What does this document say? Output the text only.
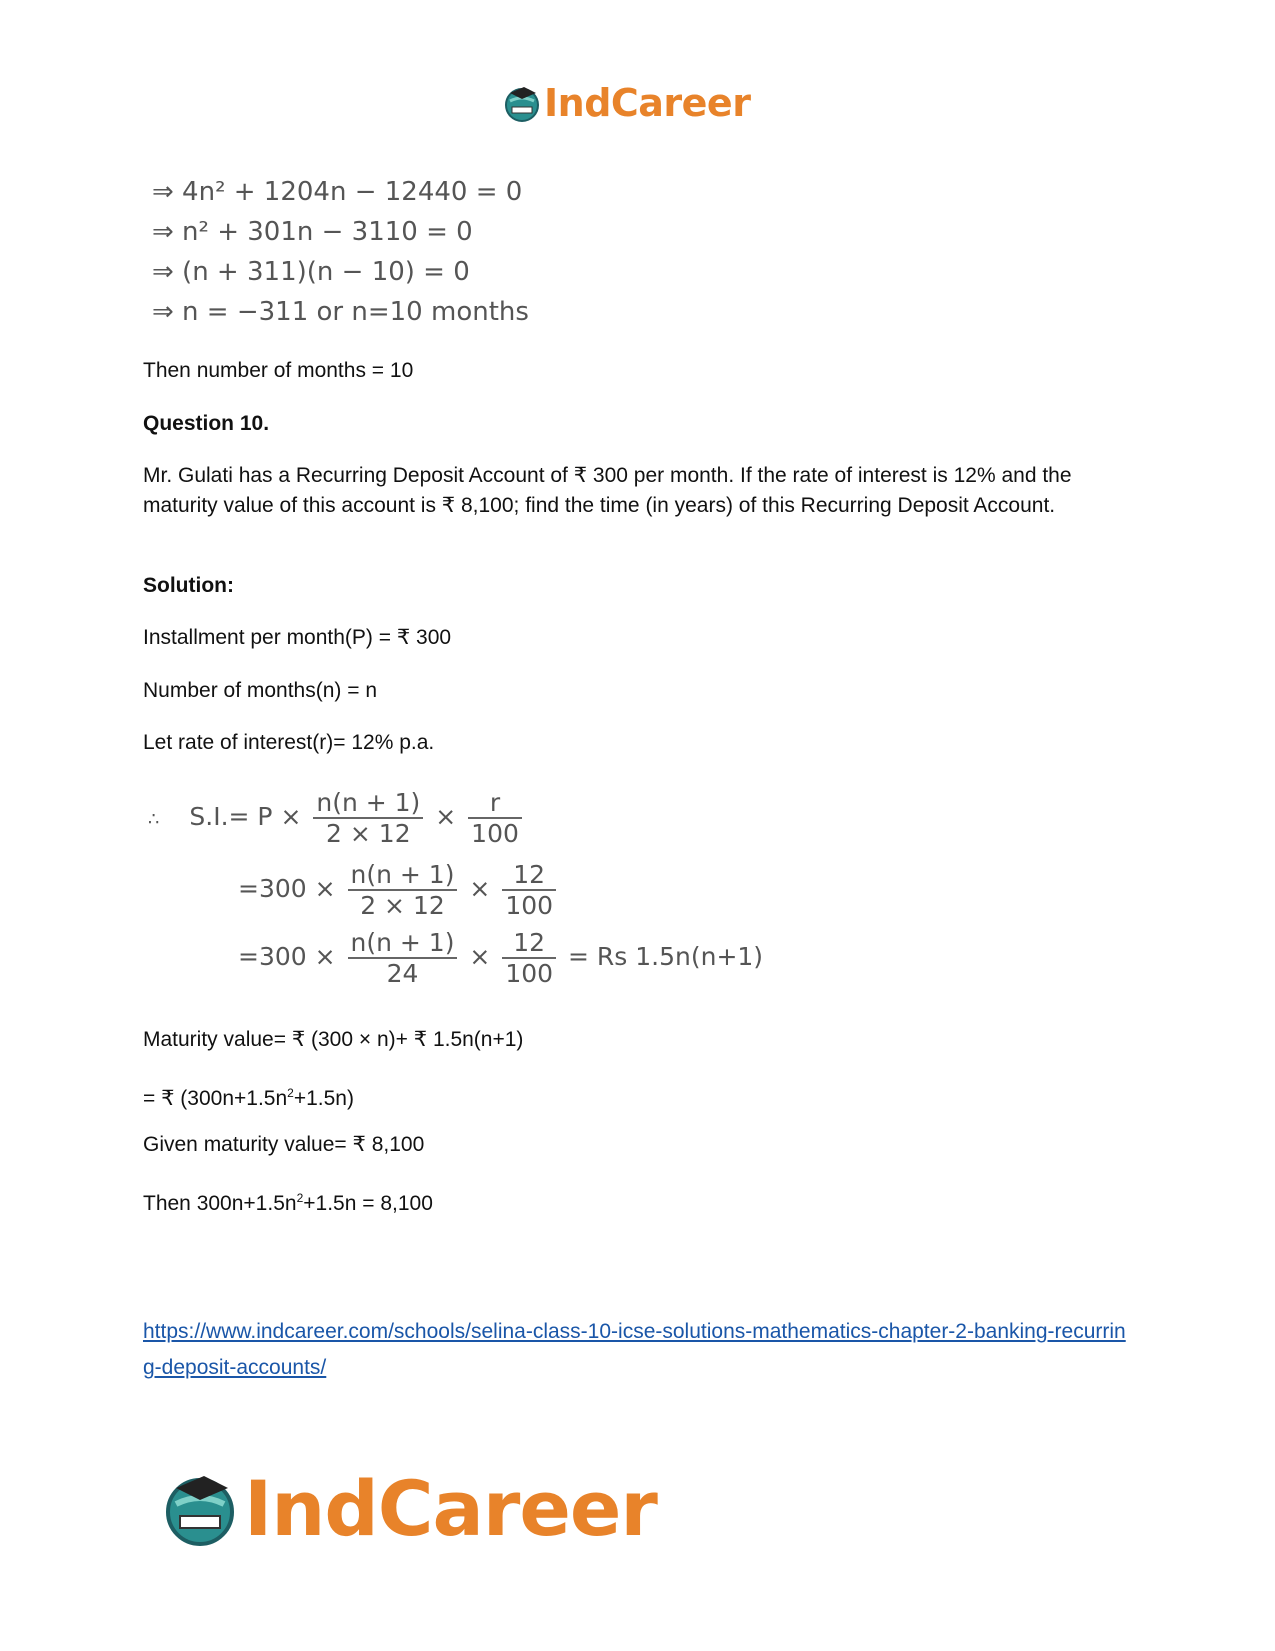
IndCareer
⇒ 4n² + 1204n − 12440 = 0
⇒ n² + 301n − 3110 = 0
⇒ (n + 311)(n − 10) = 0
⇒ n = −311 or n=10 months
Then number of months = 10
Question 10.
Mr. Gulati has a Recurring Deposit Account of ₹ 300 per month. If the rate of interest is 12% and the maturity value of this account is ₹ 8,100; find the time (in years) of this Recurring Deposit Account.
Solution:
Installment per month(P) = ₹ 300
Number of months(n) = n
Let rate of interest(r)= 12% p.a.
∴ $S.I.= P \times \frac{n(n + 1)}{2 \times 12} \times \frac{r}{100}$
$=300 \times \frac{n(n + 1)}{2 \times 12} \times \frac{12}{100}$
$=300 \times \frac{n(n + 1)}{24} \times \frac{12}{100} = Rs$ 1.5n(n+1)
Maturity value= ₹ (300 × n)+ ₹ 1.5n(n+1)
= ₹ $(300n+1.5n^2+1.5n)$
Given maturity value= ₹ 8,100
Then $300n+1.5n^2+1.5n = 8,100$
https://www.indcareer.com/schools/selina-class-10-icse-solutions-mathematics-chapter-2-banking-recurring-deposit-accounts/
IndCareer
